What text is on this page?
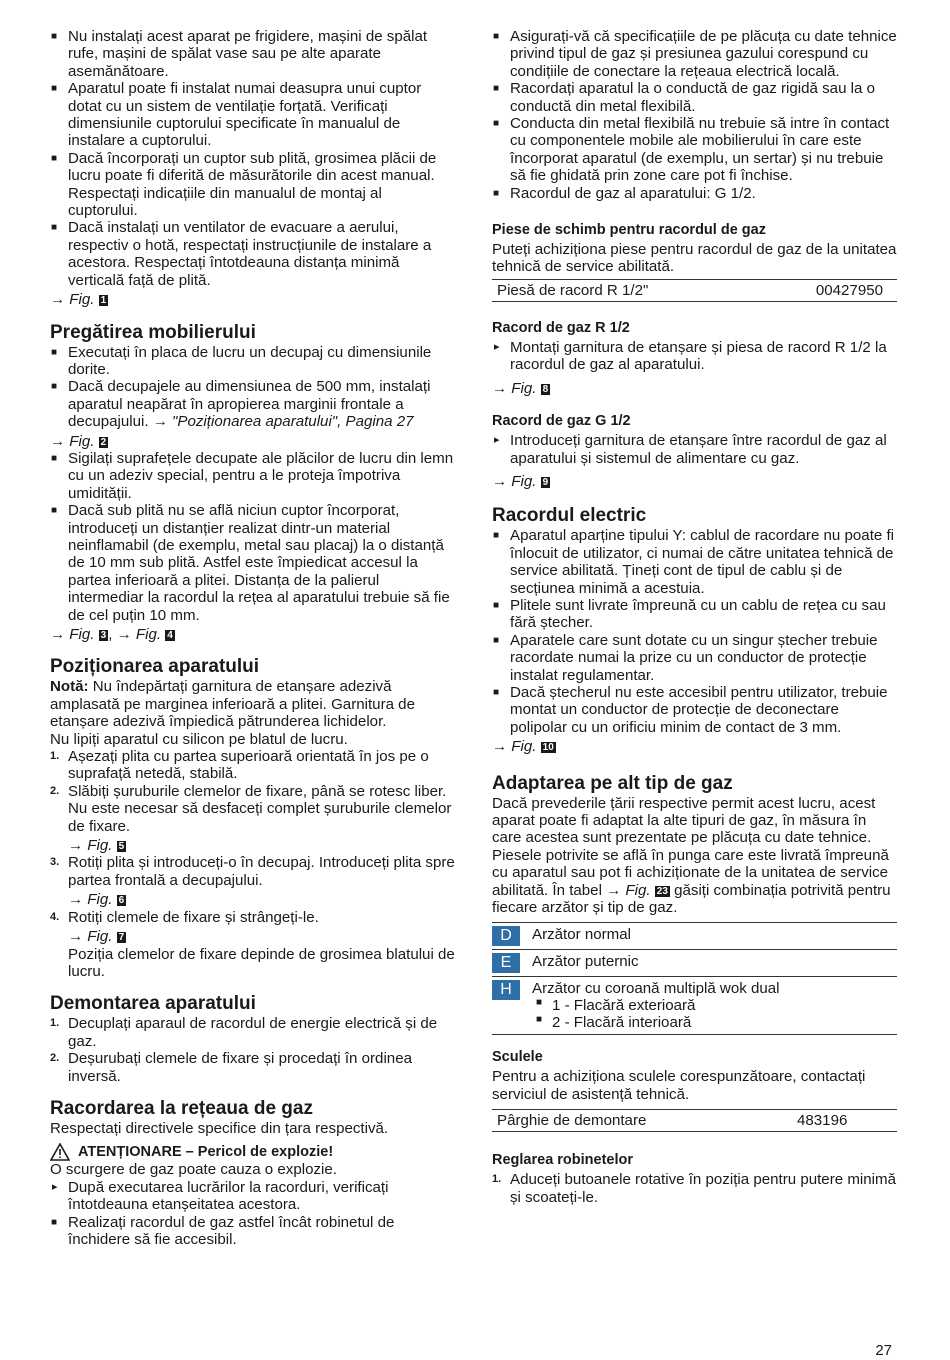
■ Nu instalați acest aparat pe frigidere, mașini de spălat rufe, mașini de spălat vase sau pe alte aparate asemănătoare.
■ Aparatul poate fi instalat numai deasupra unui cuptor dotat cu un sistem de ventilație forțată. Verificați dimensiunile cuptorului specificate în manualul de instalare a cuptorului.
■ Dacă încorporați un cuptor sub plită, grosimea plăcii de lucru poate fi diferită de măsurătorile din acest manual. Respectați indicațiile din manualul de montaj al cuptorului.
■ Dacă instalați un ventilator de evacuare a aerului, respectiv o hotă, respectați instrucțiunile de instalare a acestora. Respectați întotdeauna distanța minimă verticală față de plită.
→ Fig. 1
Pregătirea mobilierului
■ Executați în placa de lucru un decupaj cu dimensiunile dorite.
■ Dacă decupajele au dimensiunea de 500 mm, instalați aparatul neapărat în apropierea marginii frontale a decupajului. → "Poziționarea aparatului", Pagina 27
→ Fig. 2
■ Sigilați suprafețele decupate ale plăcilor de lucru din lemn cu un adeziv special, pentru a le proteja împotriva umidității.
■ Dacă sub plită nu se află niciun cuptor încorporat, introduceți un distanțier realizat dintr-un material neinflamabil (de exemplu, metal sau placaj) la o distanță de 10 mm sub plită. Astfel este împiedicat accesul la partea inferioară a plitei. Distanța de la palierul intermediar la racordul la rețea al aparatului trebuie să fie de cel puțin 10 mm.
→ Fig. 3 , → Fig. 4
Poziționarea aparatului

Notă: Nu îndepărtați garnitura de etanșare adezivă amplasată pe marginea inferioară a plitei. Garnitura de etanșare adezivă împiedică pătrunderea lichidelor.

Nu lipiți aparatul cu silicon pe blatul de lucru.

1. Așezați plita cu partea superioară orientată în jos pe o suprafață netedă, stabilă.
2. Slăbiți șuruburile clemelor de fixare, până se rotesc liber. Nu este necesar să desfaceți complet șuruburile clemelor de fixare.
→ Fig. 5
3. Rotiți plita și introduceți-o în decupaj. Introduceți plita spre partea frontală a decupajului.
→ Fig. 6
4. Rotiți clemele de fixare și strângeți-le.
→ Fig. 7
Poziția clemelor de fixare depinde de grosimea blatului de lucru.
Demontarea aparatului
1. Decuplați aparaul de racordul de energie electrică și de gaz.
2. Deșurubați clemele de fixare și procedați în ordinea inversă.
Racordarea la rețeaua de gaz

Respectați directivele specifice din țara respectivă.

ATENȚIONARE – Pericol de explozie!

O scurgere de gaz poate cauza o explozie.

▸ După executarea lucrărilor la racorduri, verificați întotdeauna etanșeitatea acestora.
■ Realizați racordul de gaz astfel încât robinetul de închidere să fie accesibil.
■ Asigurați-vă că specificațiile de pe plăcuța cu date tehnice privind tipul de gaz și presiunea gazului corespund cu condițiile de conectare la rețeaua electrică locală.
■ Racordați aparatul la o conductă de gaz rigidă sau la o conductă din metal flexibilă.
■ Conducta din metal flexibilă nu trebuie să intre în contact cu componentele mobile ale mobilierului în care este încorporat aparatul (de exemplu, un sertar) și nu trebuie să fie ghidată prin zone care pot fi închise.
■ Racordul de gaz al aparatului: G 1/2.
Piese de schimb pentru racordul de gaz

Puteți achiziționa piese pentru racordul de gaz de la unitatea tehnică de service abilitată.

Piesă de racord R 1/2"	00427950
Racord de gaz R 1/2
▸ Montați garnitura de etanșare și piesa de racord R 1/2 la racordul de gaz al aparatului.
→ Fig. 8
Racord de gaz G 1/2
▸ Introduceți garnitura de etanșare între racordul de gaz al aparatului și sistemul de alimentare cu gaz.
→ Fig. 9
Racordul electric
■ Aparatul aparține tipului Y: cablul de racordare nu poate fi înlocuit de utilizator, ci numai de către unitatea tehnică de service abilitată. Țineți cont de tipul de cablu și de secțiunea minimă a acestuia.
■ Plitele sunt livrate împreună cu un cablu de rețea cu sau fără ștecher.
■ Aparatele care sunt dotate cu un singur ștecher trebuie racordate numai la prize cu un conductor de protecție instalat regulamentar.
■ Dacă ștecherul nu este accesibil pentru utilizator, trebuie montat un conductor de protecție de deconectare polipolar cu un orificiu minim de contact de 3 mm.
→ Fig. 10
Adaptarea pe alt tip de gaz

Dacă prevederile țării respective permit acest lucru, acest aparat poate fi adaptat la alte tipuri de gaz, în măsura în care acestea sunt prezentate pe plăcuța cu date tehnice.

Piesele potrivite se află în punga care este livrată împreună cu aparatul sau pot fi achiziționate de la unitatea de service abilitată. În tabel → Fig. 23 găsiți combinația potrivită pentru fiecare arzător și tip de gaz.

D	Arzător normal
E	Arzător puternic
H	Arzător cu coroană multiplă wok dual
■ 1 - Flacără exterioară
■ 2 - Flacără interioară
Sculele

Pentru a achiziționa sculele corespunzătoare, contactați serviciul de asistență tehnică.

Pârghie de demontare	483196
Reglarea robinetelor
1. Aduceți butoanele rotative în poziția pentru putere minimă și scoateți-le.
27
